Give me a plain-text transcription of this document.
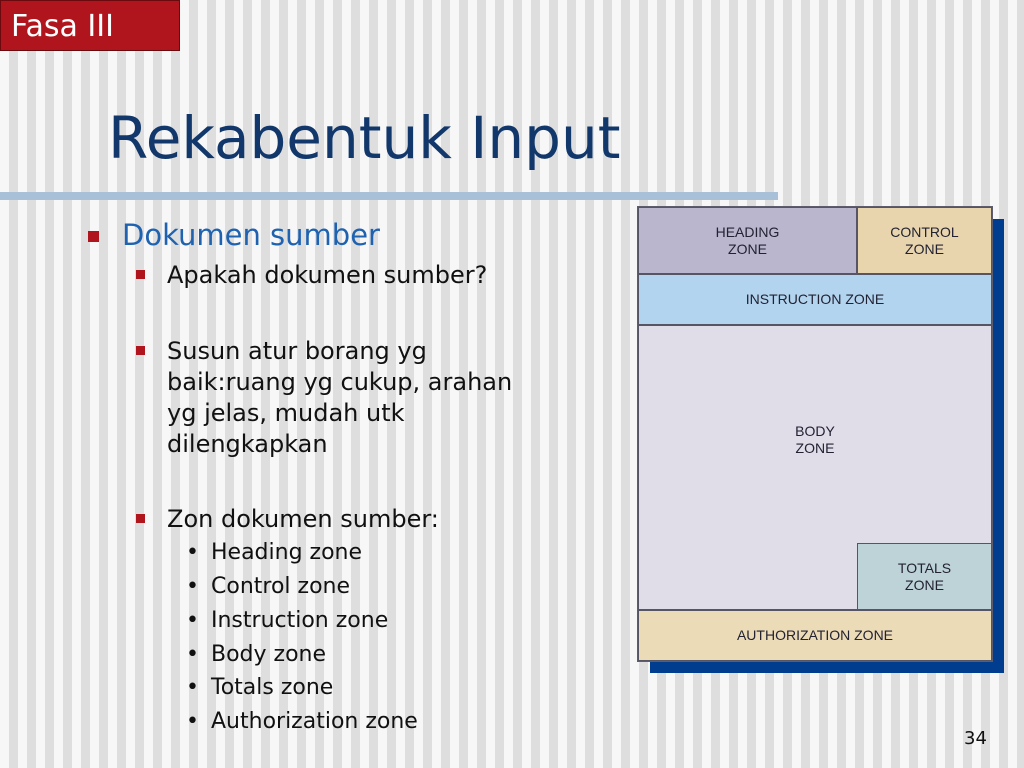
Fasa III
Rekabentuk Input
Dokumen sumber
Apakah dokumen sumber?
Susun atur borang yg
baik:ruang yg cukup, arahan
yg jelas, mudah utk
dilengkapkan
Zon dokumen sumber:
• Heading zone
• Control zone
• Instruction zone
• Body zone
• Totals zone
• Authorization zone
HEADING
ZONE
CONTROL
ZONE
INSTRUCTION ZONE
BODY
ZONE
TOTALS
ZONE
AUTHORIZATION ZONE
34
